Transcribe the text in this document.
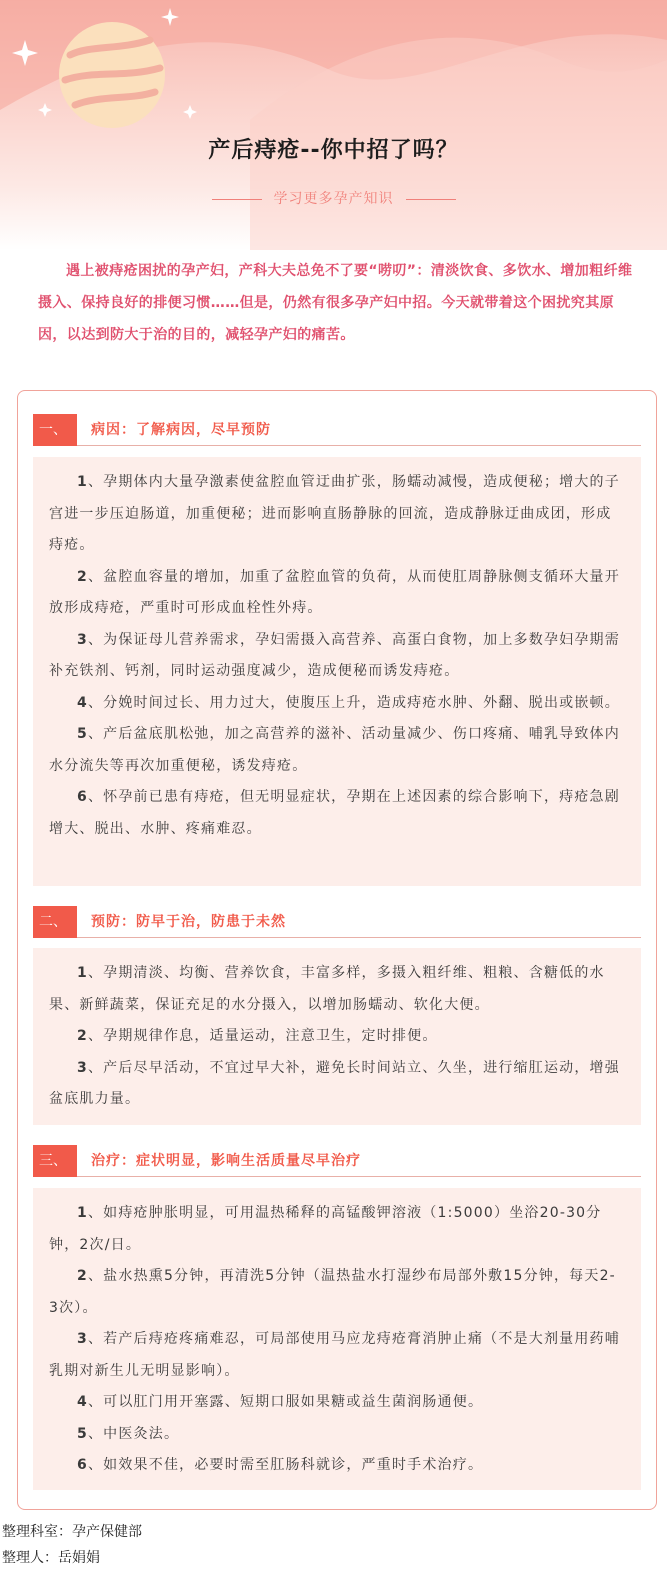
产后痔疮--你中招了吗？
学习更多孕产知识
遇上被痔疮困扰的孕产妇，产科大夫总免不了要“唠叨”：清淡饮食、多饮水、增加粗纤维摄入、保持良好的排便习惯……但是，仍然有很多孕产妇中招。今天就带着这个困扰究其原因，以达到防大于治的目的，减轻孕产妇的痛苦。
一、	病因：了解病因，尽早预防

1、孕期体内大量孕激素使盆腔血管迂曲扩张，肠蠕动减慢，造成便秘；增大的子宫进一步压迫肠道，加重便秘；进而影响直肠静脉的回流，造成静脉迂曲成团，形成痔疮。

2、盆腔血容量的增加，加重了盆腔血管的负荷，从而使肛周静脉侧支循环大量开放形成痔疮，严重时可形成血栓性外痔。

3、为保证母儿营养需求，孕妇需摄入高营养、高蛋白食物，加上多数孕妇孕期需补充铁剂、钙剂，同时运动强度减少，造成便秘而诱发痔疮。

4、分娩时间过长、用力过大，使腹压上升，造成痔疮水肿、外翻、脱出或嵌顿。

5、产后盆底肌松弛，加之高营养的滋补、活动量减少、伤口疼痛、哺乳导致体内水分流失等再次加重便秘，诱发痔疮。

6、怀孕前已患有痔疮，但无明显症状，孕期在上述因素的综合影响下，痔疮急剧增大、脱出、水肿、疼痛难忍。

二、	预防：防早于治，防患于未然

1、孕期清淡、均衡、营养饮食，丰富多样，多摄入粗纤维、粗粮、含糖低的水果、新鲜蔬菜，保证充足的水分摄入，以增加肠蠕动、软化大便。

2、孕期规律作息，适量运动，注意卫生，定时排便。

3、产后尽早活动，不宜过早大补，避免长时间站立、久坐，进行缩肛运动，增强盆底肌力量。

三、	治疗：症状明显，影响生活质量尽早治疗

1、如痔疮肿胀明显，可用温热稀释的高锰酸钾溶液（1:5000）坐浴20-30分钟，2次/日。

2、盐水热熏5分钟，再清洗5分钟（温热盐水打湿纱布局部外敷15分钟，每天2-3次）。

3、若产后痔疮疼痛难忍，可局部使用马应龙痔疮膏消肿止痛（不是大剂量用药哺乳期对新生儿无明显影响）。

4、可以肛门用开塞露、短期口服如果糖或益生菌润肠通便。

5、中医灸法。

6、如效果不佳，必要时需至肛肠科就诊，严重时手术治疗。

整理科室：孕产保健部
整理人：岳娟娟
